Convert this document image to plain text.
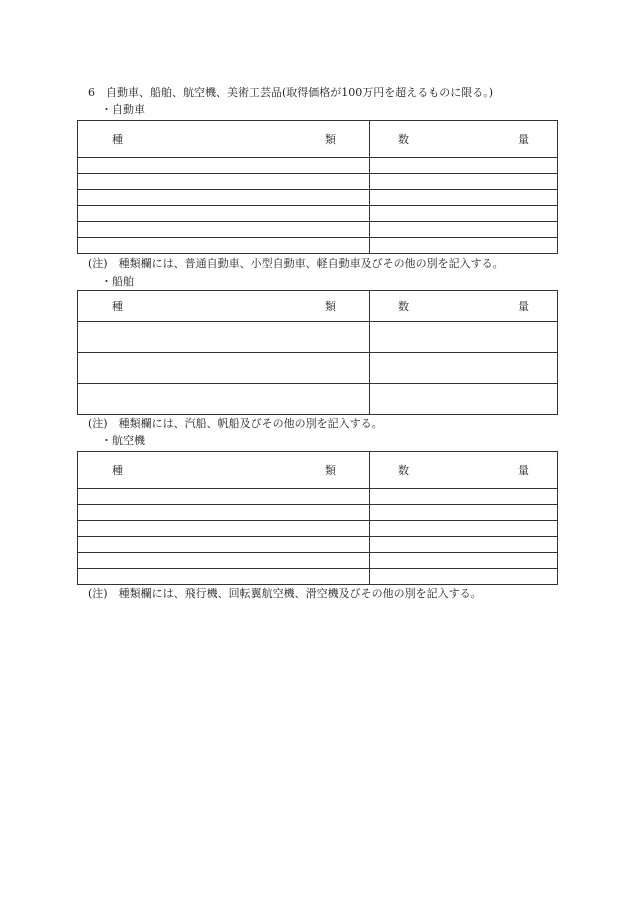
6　自動車、船舶、航空機、美術工芸品(取得価格が100万円を超えるものに限る。)
・自動車
種 類	数 量

(注)　種類欄には、普通自動車、小型自動車、軽自動車及びその他の別を記入する。
・船舶
種 類	数 量

(注)　種類欄には、汽船、帆船及びその他の別を記入する。
・航空機
種 類	数 量

(注)　種類欄には、飛行機、回転翼航空機、滑空機及びその他の別を記入する。
